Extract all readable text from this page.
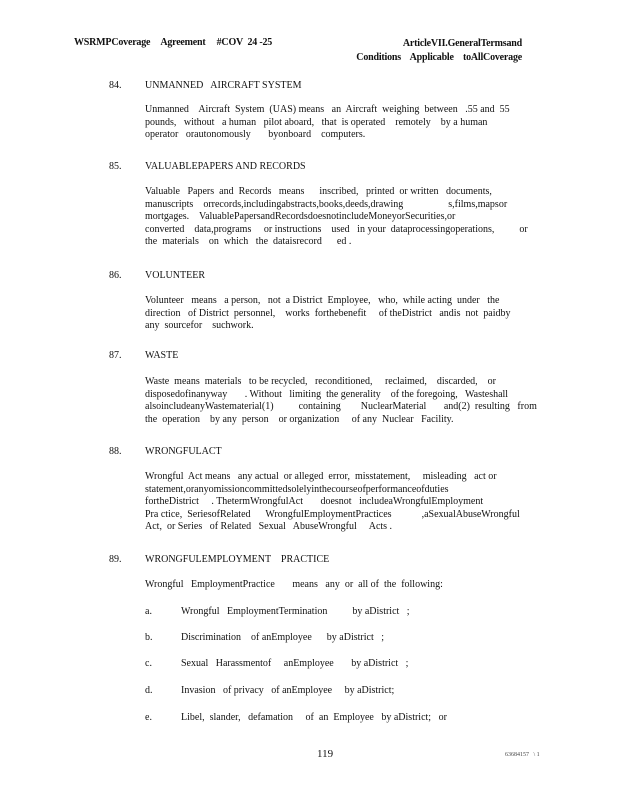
WSRMPCoverage Agreement #COV  24 -25	ArticleVII.GeneralTermsand
Conditions    Applicable    toAllCoverage
84. UNMANNED   AIRCRAFT SYSTEM
Unmanned    Aircraft  System  (UAS) means   an  Aircraft  weighing  between   .55 and  55
pounds,   without   a human   pilot aboard,   that  is operated    remotely    by a human
operator   orautonomously       byonboard    computers.
85. VALUABLEPAPERS AND RECORDS
Valuable   Papers  and  Records   means      inscribed,   printed  or written   documents,
manuscripts    orrecords,includingabstracts,books,deeds,drawing                  s,films,mapsor
mortgages.    ValuablePapersandRecordsdoesnotincludeMoneyorSecurities,or
converted    data,programs     or instructions    used   in your  dataprocessingoperations,          or
the  materials    on  which   the  dataisrecord      ed .
86. VOLUNTEER
Volunteer   means   a person,   not  a District  Employee,   who,  while acting  under   the
direction   of District  personnel,    works  forthebenefit     of theDistrict   andis  not  paidby
any  sourcefor    suchwork.
87. WASTE
Waste  means  materials   to be recycled,   reconditioned,     reclaimed,    discarded,    or
disposedofinanyway       . Without   limiting  the generality    of the foregoing,   Wasteshall
alsoincludeanyWastematerial(1)          containing        NuclearMaterial       and(2)  resulting   from
the  operation    by any  person    or organization     of any  Nuclear   Facility.
88. WRONGFULACT
Wrongful  Act means   any actual  or alleged  error,  misstatement,     misleading   act or
statement,oranyomissioncommittedsolelyinthecourseofperformanceofduties
fortheDistrict     . ThetermWrongfulAct       doesnot   includeaWrongfulEmployment
Pra ctice,  SeriesofRelated      WrongfulEmploymentPractices            ,aSexualAbuseWrongful
Act,  or Series   of Related   Sexual   AbuseWrongful     Acts .
89. WRONGFULEMPLOYMENT    PRACTICE
Wrongful   EmploymentPractice       means   any  or  all of  the  following:
a.	Wrongful   EmploymentTermination          by aDistrict   ;
b.	Discrimination    of anEmployee      by aDistrict   ;
c.	Sexual   Harassmentof     anEmployee       by aDistrict   ;
d.	Invasion   of privacy   of anEmployee     by aDistrict;
e.	Libel,  slander,   defamation     of  an  Employee   by aDistrict;   or
119	63684157   \ 1
